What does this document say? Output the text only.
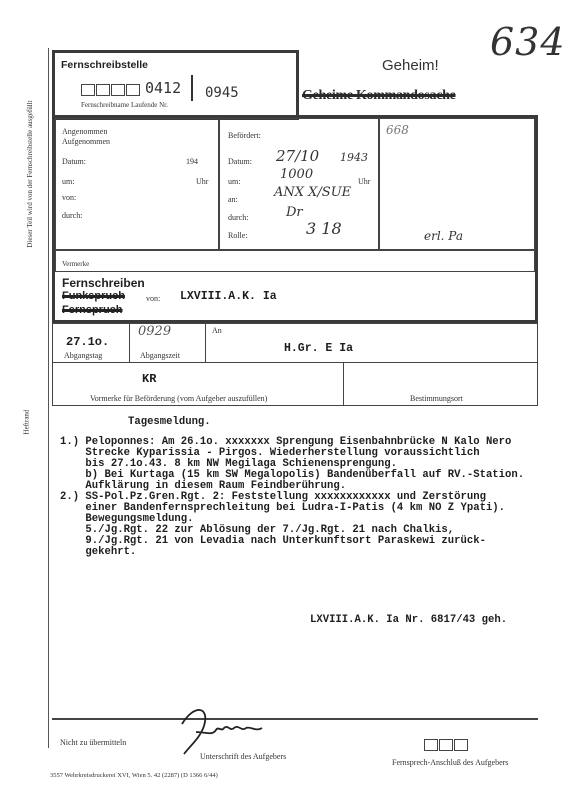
634
Dieser Teil wird von der Fernschreibstelle ausgefüllt
Heftrand
Fernschreibstelle
0412 0945
Fernschreibname Laufende Nr.
Geheim!
Geheime Kommandosache
Angenommen
Aufgenommen
Datum:	194
um:	Uhr
von:
durch:
Befördert:
Datum: 27/10 1943
um:	1000	Uhr
an:	ANX X/SUE
durch:	Dr
Rolle:	3 18
668
erl. Pa
Vermerke
Fernschreiben
Funkspruch
Fernspruch
von: LXVIII.A.K. Ia
27.1o.
Abgangstag
0929
Abgangszeit
An
H.Gr. E Ia
KR
Vormerke für Beförderung (vom Aufgeber auszufüllen)	Bestimmungsort
Tagesmeldung.
1.) Peloponnes: Am 26.1o. xxxxxxx Sprengung Eisenbahnbrücke N Kalo Nero
Strecke Kyparissia - Pirgos. Wiederherstellung voraussichtlich
bis 27.1o.43. 8 km NW Megilaga Schienensprengung.
b) Bei Kurtaga (15 km SW Megalopolis) Bandenüberfall auf RV.-Station.
Aufklärung in diesem Raum Feindberührung.
2.) SS-Pol.Pz.Gren.Rgt. 2: Feststellung xxxxxxxxxxxx und Zerstörung
einer Bandenfernsprechleitung bei Ludra-I-Patis (4 km NO Z Ypati).
Bewegungsmeldung.
5./Jg.Rgt. 22 zur Ablösung der 7./Jg.Rgt. 21 nach Chalkis,
9./Jg.Rgt. 21 von Levadia nach Unterkunftsort Paraskewi zurück-
gekehrt.
LXVIII.A.K. Ia Nr. 6817/43 geh.
Nicht zu übermitteln
Unterschrift des Aufgebers
Fernsprech-Anschluß des Aufgebers
3557 Wehrkreisdruckerei XVI, Wien 5. 42 (2287) (D 1366 6/44)
